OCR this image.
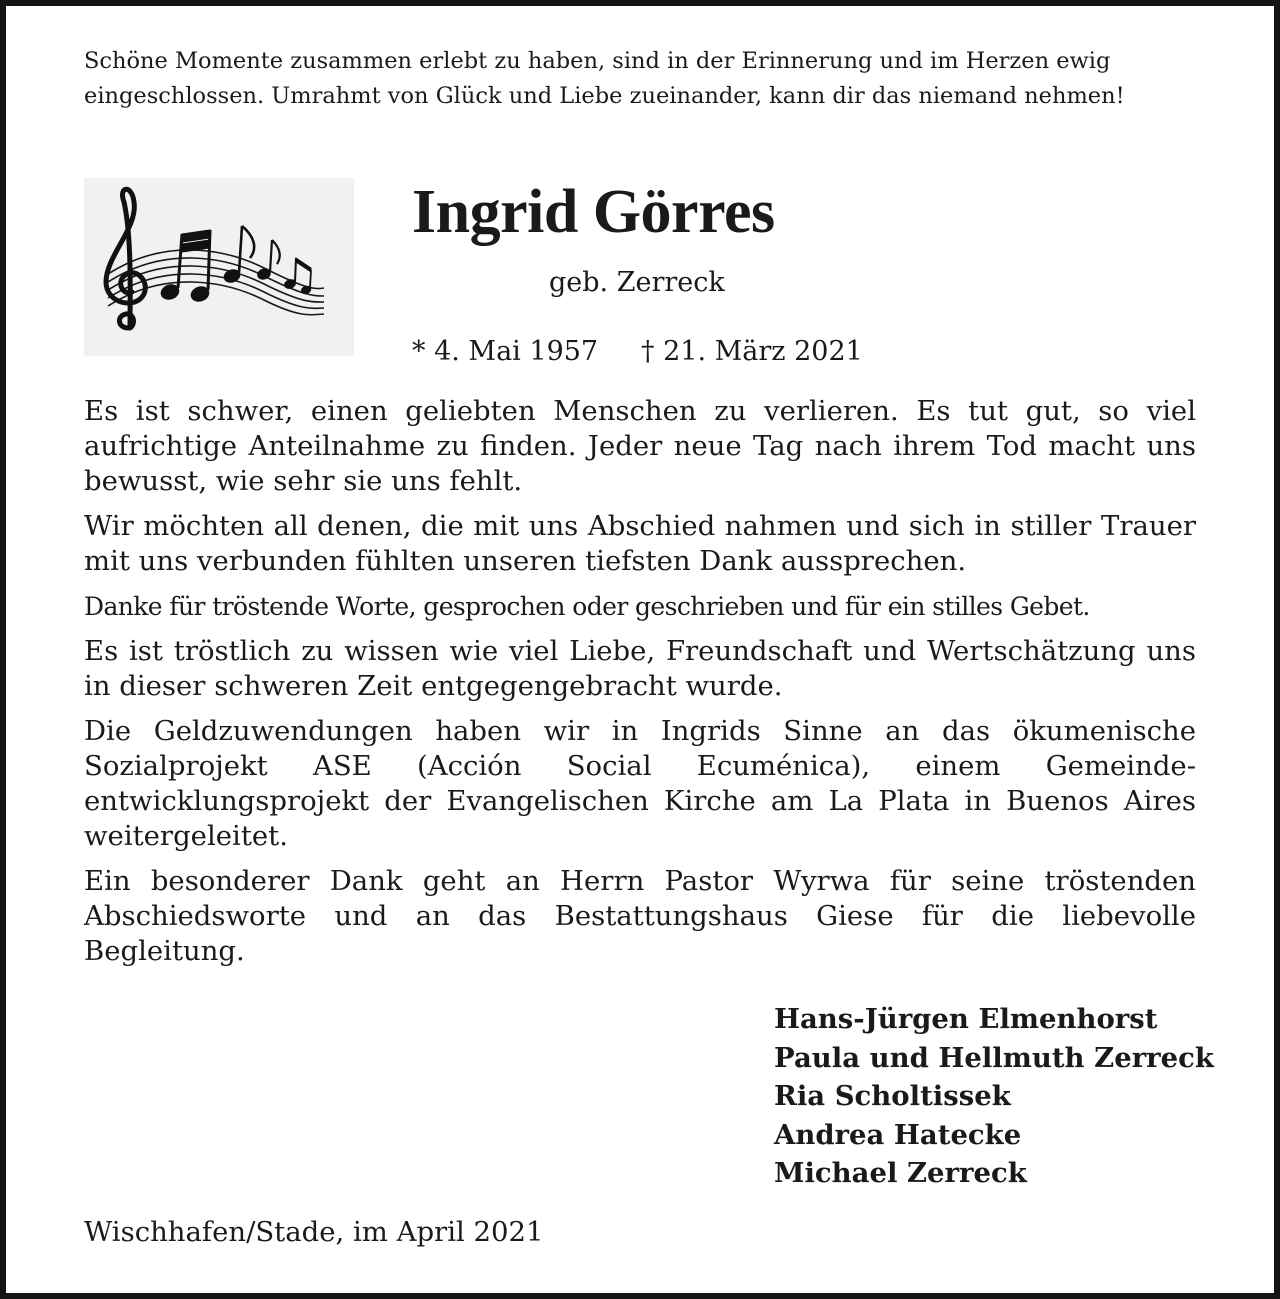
Schöne Momente zusammen erlebt zu haben, sind in der Erinnerung und im Herzen ewig eingeschlossen. Umrahmt von Glück und Liebe zueinander, kann dir das niemand nehmen!

Ingrid Görres
geb. Zerreck
* 4. Mai 1957 † 21. März 2021

Es ist schwer, einen geliebten Menschen zu verlieren. Es tut gut, so viel aufrichtige Anteilnahme zu finden. Jeder neue Tag nach ihrem Tod macht uns bewusst, wie sehr sie uns fehlt.

Wir möchten all denen, die mit uns Abschied nahmen und sich in stiller Trauer mit uns verbunden fühlten unseren tiefsten Dank aussprechen.

Danke für tröstende Worte, gesprochen oder geschrieben und für ein stilles Gebet.

Es ist tröstlich zu wissen wie viel Liebe, Freundschaft und Wertschätzung uns in dieser schweren Zeit entgegengebracht wurde.

Die Geldzuwendungen haben wir in Ingrids Sinne an das ökumenische Sozialprojekt ASE (Acción Social Ecuménica), einem Gemeinde-entwicklungsprojekt der Evangelischen Kirche am La Plata in Buenos Aires weitergeleitet.

Ein besonderer Dank geht an Herrn Pastor Wyrwa für seine tröstenden Abschiedsworte und an das Bestattungshaus Giese für die liebevolle Begleitung.

Hans-Jürgen Elmenhorst
Paula und Hellmuth Zerreck
Ria Scholtissek
Andrea Hatecke
Michael Zerreck
Wischhafen/Stade, im April 2021
